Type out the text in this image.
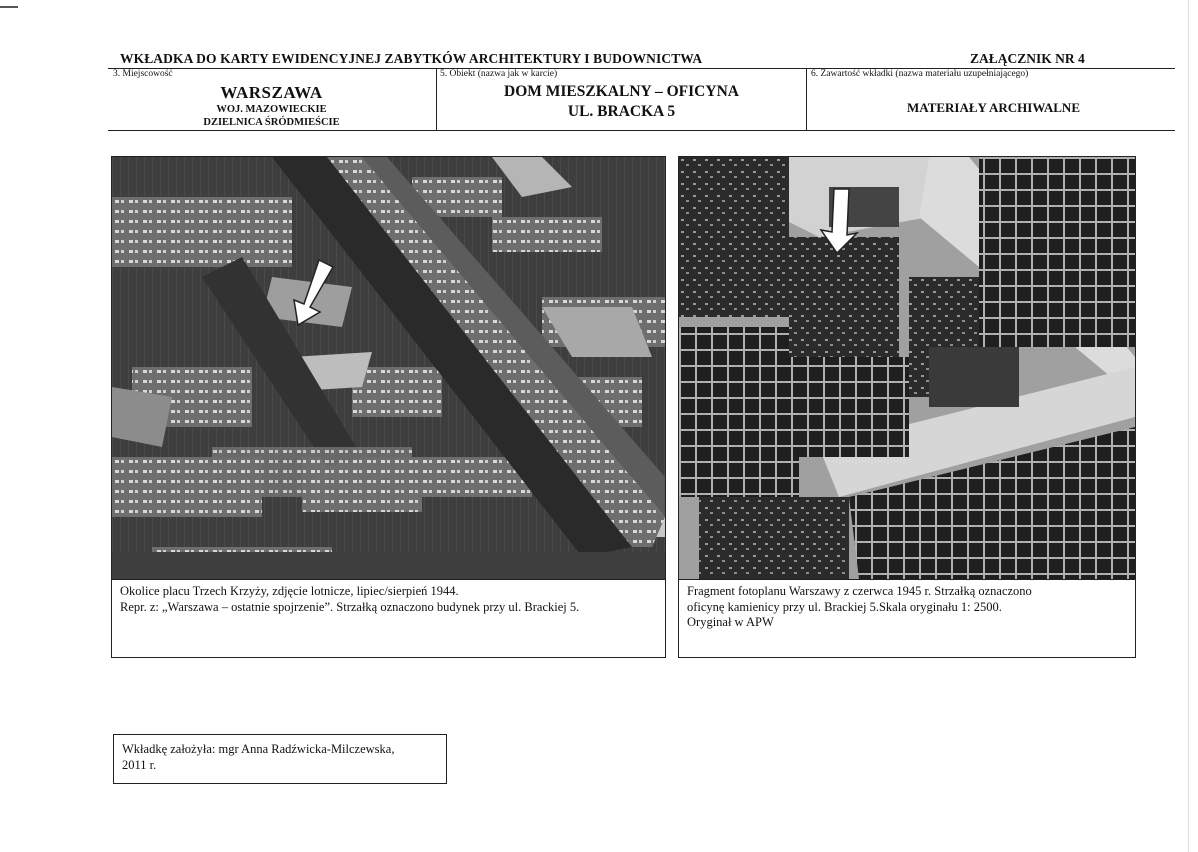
WKŁADKA DO KARTY EWIDENCYJNEJ ZABYTKÓW ARCHITEKTURY I BUDOWNICTWA	ZAŁĄCZNIK NR 4
3. Miejscowość
WARSZAWA
WOJ. MAZOWIECKIE
DZIELNICA ŚRÓDMIEŚCIE
5. Obiekt (nazwa jak w karcie)
DOM MIESZKALNY – OFICYNA
UL. BRACKA 5
6. Zawartość wkładki (nazwa materiału uzupełniającego)
MATERIAŁY ARCHIWALNE
Okolice placu Trzech Krzyży, zdjęcie lotnicze, lipiec/sierpień 1944.
Repr. z: „Warszawa – ostatnie spojrzenie”. Strzałką oznaczono budynek przy ul. Brackiej 5.
Fragment fotoplanu Warszawy z czerwca 1945 r. Strzałką oznaczono
oficynę kamienicy przy ul. Brackiej 5.Skala oryginału 1: 2500.
Oryginał w APW
Wkładkę założyła: mgr Anna Radźwicka-Milczewska,
2011 r.
